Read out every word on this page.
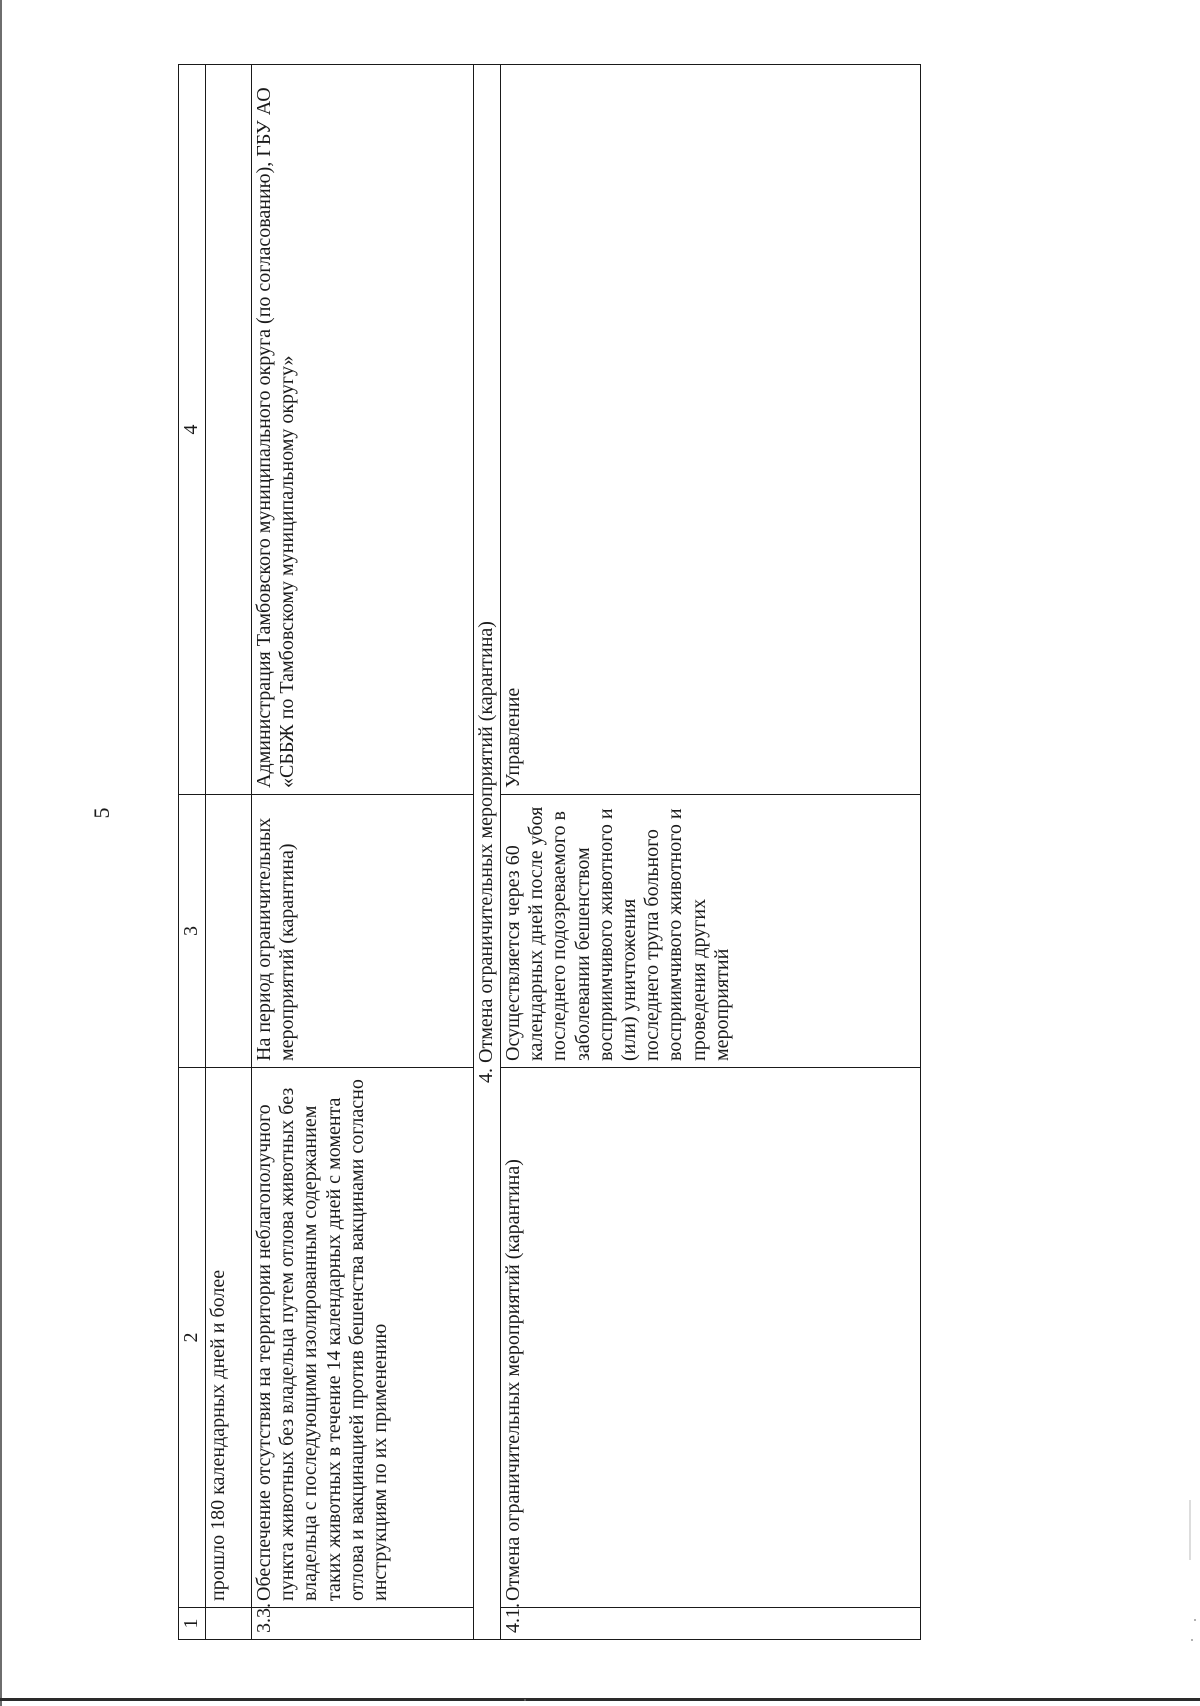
5
1	2	3	4
	прошло 180 календарных дней и более		
3.3.	Обеспечение отсутствия на территории неблагополучного пункта животных без владельца путем отлова животных без владельца с последующими изолированным содержанием таких животных в течение 14 календарных дней с момента отлова и вакцинацией против бешенства вакцинами согласно инструкциям по их применению	На период ограничительных мероприятий (карантина)	Администрация Тамбовского муниципального округа (по согласованию), ГБУ АО «СББЖ по Тамбовскому муниципальному округу»
4. Отмена ограничительных мероприятий (карантина)			
4.1.	Отмена ограничительных мероприятий (карантина)	Осуществляется через 60 календарных дней после убоя последнего подозреваемого в заболевании бешенством восприимчивого животного и (или) уничтожения последнего трупа больного восприимчивого животного и проведения других мероприятий	Управление
